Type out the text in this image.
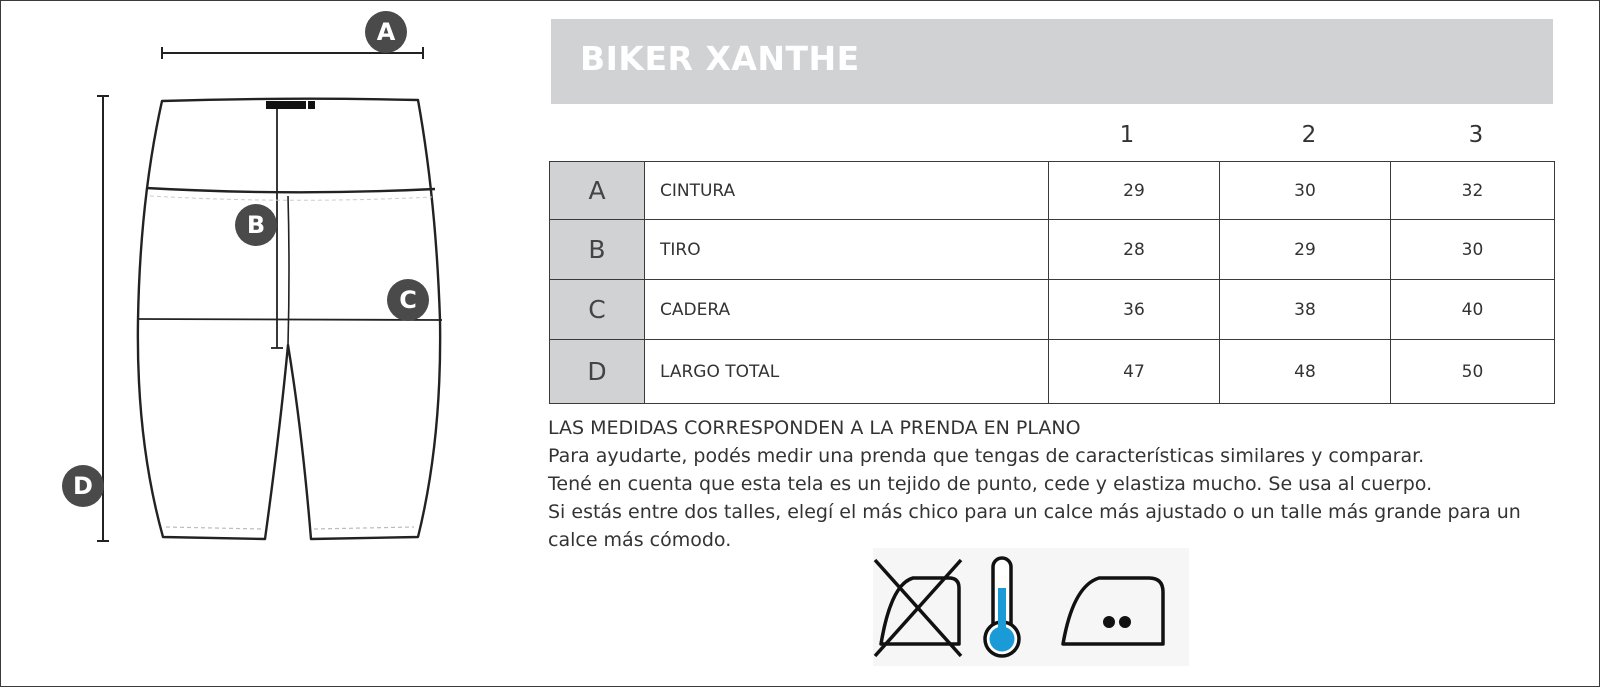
A
B
C
D
BIKER XANTHE
1	2	3
A	CINTURA	29	30	32
B	TIRO	28	29	30
C	CADERA	36	38	40
D	LARGO TOTAL	47	48	50

LAS MEDIDAS CORRESPONDEN A LA PRENDA EN PLANO

Para ayudarte, podés medir una prenda que tengas de características similares y comparar.

Tené en cuenta que esta tela es un tejido de punto, cede y elastiza mucho. Se usa al cuerpo.

Si estás entre dos talles, elegí el más chico para un calce más ajustado o un talle más grande para un calce más cómodo.
